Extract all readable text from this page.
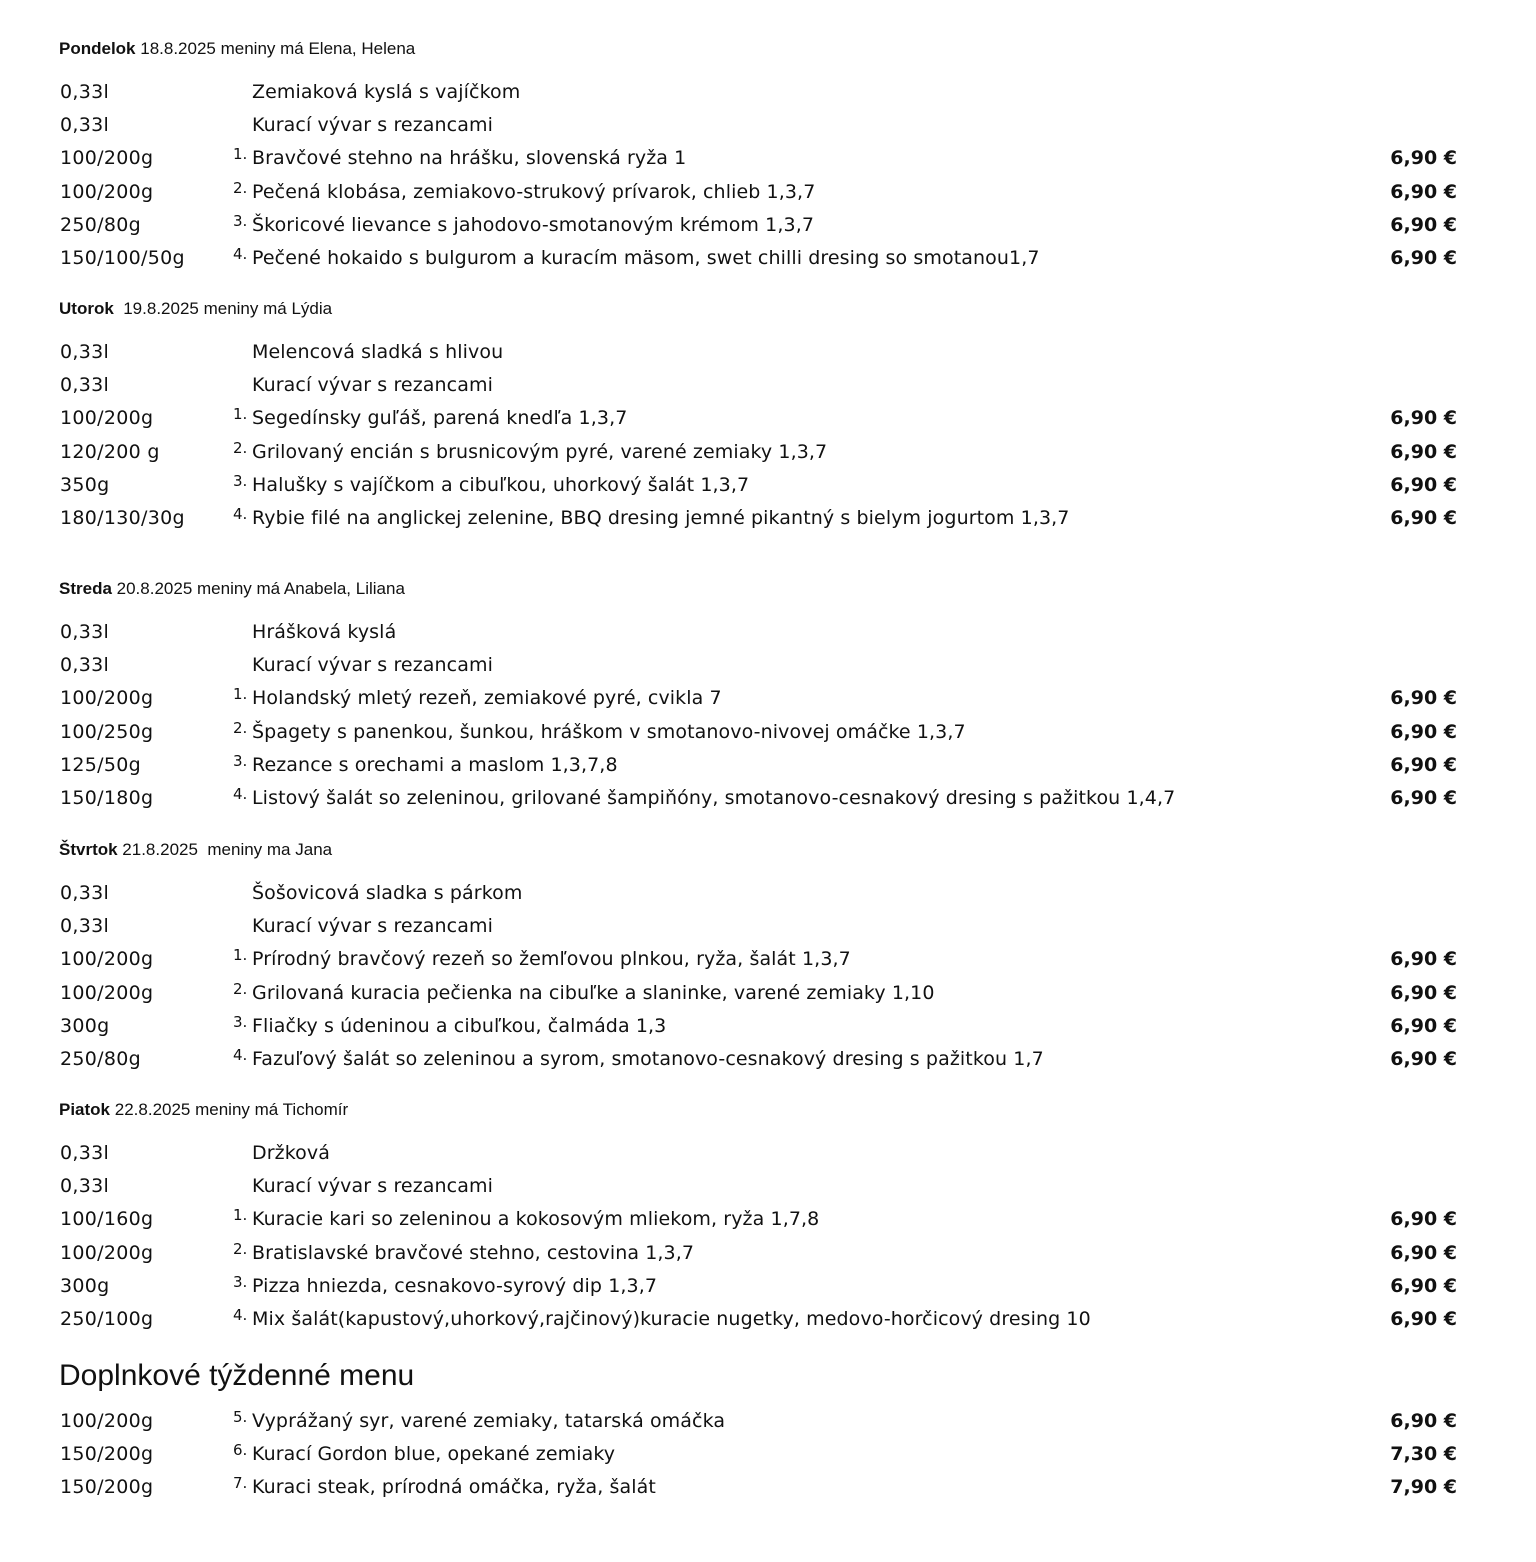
Pondelok 18.8.2025 meniny má Elena, Helena
0,33l	Zemiaková kyslá s vajíčkom
0,33l	Kurací vývar s rezancami
100/200g	1. Bravčové stehno na hrášku, slovenská ryža 1	6,90 €
100/200g	2. Pečená klobása, zemiakovo-strukový prívarok, chlieb 1,3,7	6,90 €
250/80g	3. Škoricové lievance s jahodovo-smotanovým krémom 1,3,7	6,90 €
150/100/50g	4. Pečené hokaido s bulgurom a kuracím mäsom, swet chilli dresing so smotanou1,7	6,90 €
Utorok  19.8.2025 meniny má Lýdia
0,33l	Melencová sladká s hlivou
0,33l	Kurací vývar s rezancami
100/200g	1. Segedínsky guľáš, parená knedľa 1,3,7	6,90 €
120/200 g	2. Grilovaný encián s brusnicovým pyré, varené zemiaky 1,3,7	6,90 €
350g	3. Halušky s vajíčkom a cibuľkou, uhorkový šalát 1,3,7	6,90 €
180/130/30g	4. Rybie filé na anglickej zelenine, BBQ dresing jemné pikantný s bielym jogurtom 1,3,7	6,90 €
Streda 20.8.2025 meniny má Anabela, Liliana
0,33l	Hrášková kyslá
0,33l	Kurací vývar s rezancami
100/200g	1. Holandský mletý rezeň, zemiakové pyré, cvikla 7	6,90 €
100/250g	2. Špagety s panenkou, šunkou, hráškom v smotanovo-nivovej omáčke 1,3,7	6,90 €
125/50g	3. Rezance s orechami a maslom 1,3,7,8	6,90 €
150/180g	4. Listový šalát so zeleninou, grilované šampiňóny, smotanovo-cesnakový dresing s pažitkou 1,4,7	6,90 €
Štvrtok 21.8.2025  meniny ma Jana
0,33l	Šošovicová sladka s párkom
0,33l	Kurací vývar s rezancami
100/200g	1. Prírodný bravčový rezeň so žemľovou plnkou, ryža, šalát 1,3,7	6,90 €
100/200g	2. Grilovaná kuracia pečienka na cibuľke a slaninke, varené zemiaky 1,10	6,90 €
300g	3. Fliačky s údeninou a cibuľkou, čalmáda 1,3	6,90 €
250/80g	4. Fazuľový šalát so zeleninou a syrom, smotanovo-cesnakový dresing s pažitkou 1,7	6,90 €
Piatok 22.8.2025 meniny má Tichomír
0,33l	Držková
0,33l	Kurací vývar s rezancami
100/160g	1. Kuracie kari so zeleninou a kokosovým mliekom, ryža 1,7,8	6,90 €
100/200g	2. Bratislavské bravčové stehno, cestovina 1,3,7	6,90 €
300g	3. Pizza hniezda, cesnakovo-syrový dip 1,3,7	6,90 €
250/100g	4. Mix šalát(kapustový,uhorkový,rajčinový)kuracie nugetky, medovo-horčicový dresing 10	6,90 €
Doplnkové týždenné menu
100/200g	5. Vyprážaný syr, varené zemiaky, tatarská omáčka	6,90 €
150/200g	6. Kurací Gordon blue, opekané zemiaky	7,30 €
150/200g	7. Kuraci steak, prírodná omáčka, ryža, šalát	7,90 €
